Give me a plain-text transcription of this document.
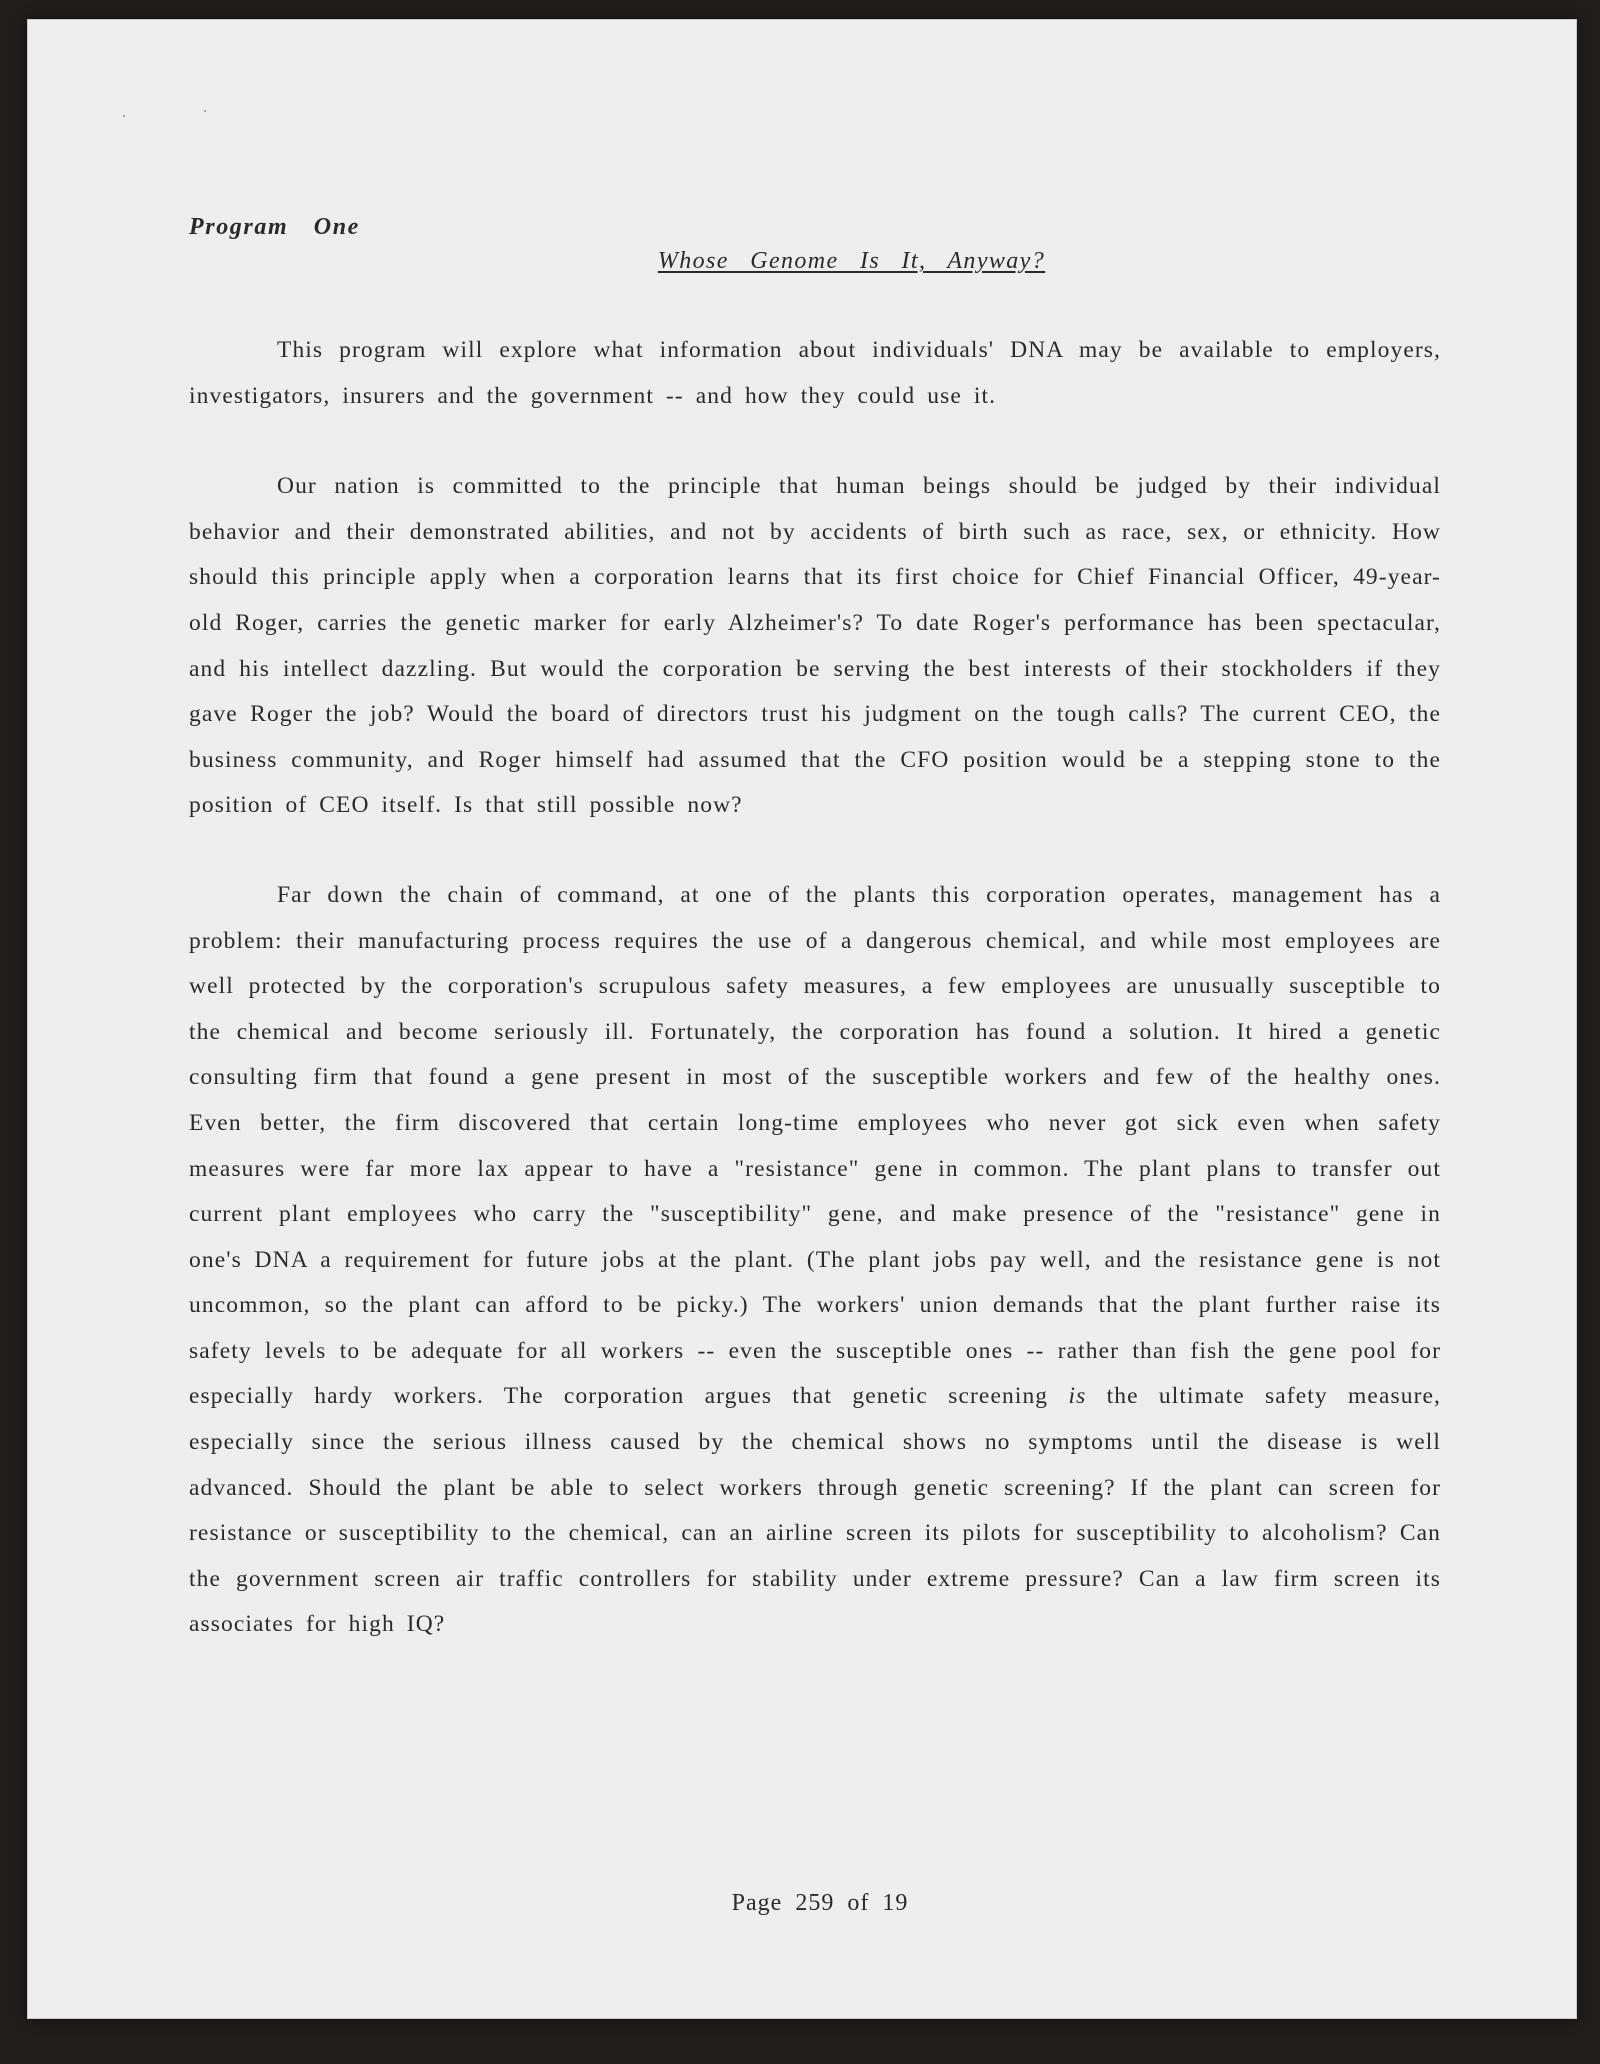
Program One

Whose Genome Is It, Anyway?

This program will explore what information about individuals' DNA may be available to employers, investigators, insurers and the government -- and how they could use it.

Our nation is committed to the principle that human beings should be judged by their individual behavior and their demonstrated abilities, and not by accidents of birth such as race, sex, or ethnicity. How should this principle apply when a corporation learns that its first choice for Chief Financial Officer, 49-year-old Roger, carries the genetic marker for early Alzheimer's? To date Roger's performance has been spectacular, and his intellect dazzling. But would the corporation be serving the best interests of their stockholders if they gave Roger the job? Would the board of directors trust his judgment on the tough calls? The current CEO, the business community, and Roger himself had assumed that the CFO position would be a stepping stone to the position of CEO itself. Is that still possible now?

Far down the chain of command, at one of the plants this corporation operates, management has a problem: their manufacturing process requires the use of a dangerous chemical, and while most employees are well protected by the corporation's scrupulous safety measures, a few employees are unusually susceptible to the chemical and become seriously ill. Fortunately, the corporation has found a solution. It hired a genetic consulting firm that found a gene present in most of the susceptible workers and few of the healthy ones. Even better, the firm discovered that certain long-time employees who never got sick even when safety measures were far more lax appear to have a "resistance" gene in common. The plant plans to transfer out current plant employees who carry the "susceptibility" gene, and make presence of the "resistance" gene in one's DNA a requirement for future jobs at the plant. (The plant jobs pay well, and the resistance gene is not uncommon, so the plant can afford to be picky.) The workers' union demands that the plant further raise its safety levels to be adequate for all workers -- even the susceptible ones -- rather than fish the gene pool for especially hardy workers. The corporation argues that genetic screening is the ultimate safety measure, especially since the serious illness caused by the chemical shows no symptoms until the disease is well advanced. Should the plant be able to select workers through genetic screening? If the plant can screen for resistance or susceptibility to the chemical, can an airline screen its pilots for susceptibility to alcoholism? Can the government screen air traffic controllers for stability under extreme pressure? Can a law firm screen its associates for high IQ?

Page 259 of 19
